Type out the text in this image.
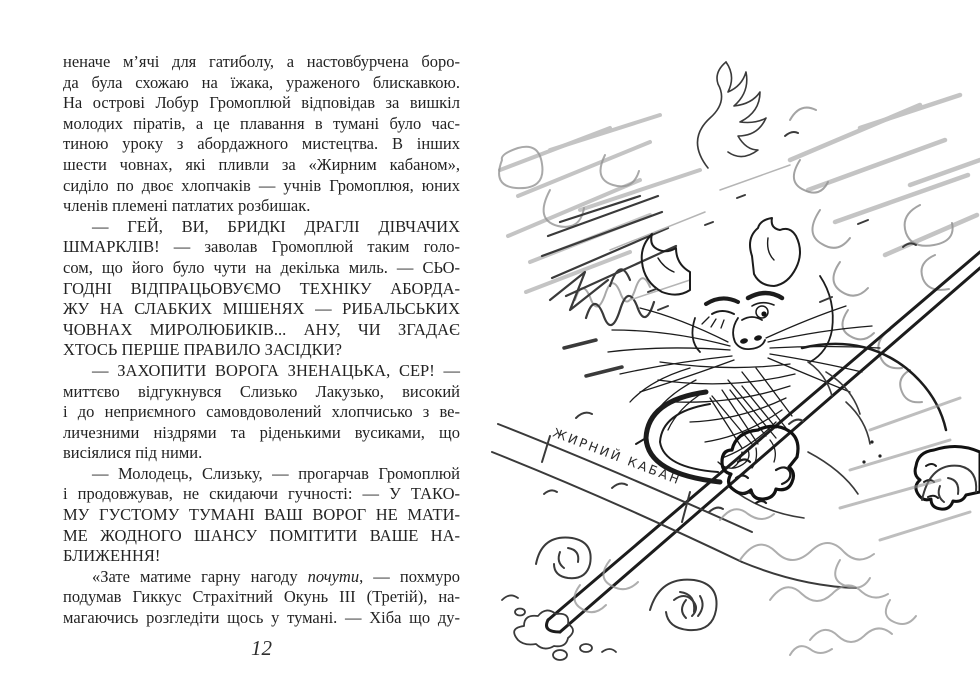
неначе м’ячі для гатиболу, а настовбурчена боро-
да була схожаю на їжака, ураженого блискавкою.
На острові Лобур Громоплюй відповідав за вишкіл
молодих піратів, а це плавання в тумані було час-
тиною уроку з абордажного мистецтва. В інших
шести човнах, які пливли за «Жирним кабаном»,
сиділо по двоє хлопчаків — учнів Громоплюя, юних
членів племені патлатих розбишак.
— ГЕЙ, ВИ, БРИДКІ ДРАГЛІ ДІВЧАЧИХ
ШМАРКЛІВ! — заволав Громоплюй таким голо-
сом, що його було чути на декілька миль. — СЬО-
ГОДНІ ВІДПРАЦЬОВУЄМО ТЕХНІКУ АБОРДА-
ЖУ НА СЛАБКИХ МІШЕНЯХ — РИБАЛЬСЬКИХ
ЧОВНАХ МИРОЛЮБИКІВ... АНУ, ЧИ ЗГАДАЄ
ХТОСЬ ПЕРШЕ ПРАВИЛО ЗАСІДКИ?
— ЗАХОПИТИ ВОРОГА ЗНЕНАЦЬКА, СЕР! —
миттєво відгукнувся Слизько Лакузько, високий
і до неприємного самовдоволений хлопчисько з ве-
личезними ніздрями та ріденькими вусиками, що
висіялися під ними.
— Молодець, Слизьку, — прогарчав Громоплюй
і продовжував, не скидаючи гучності: — У ТАКО-
МУ ГУСТОМУ ТУМАНІ ВАШ ВОРОГ НЕ МАТИ-
МЕ ЖОДНОГО ШАНСУ ПОМІТИТИ ВАШЕ НА-
БЛИЖЕННЯ!
«Зате матиме гарну нагоду почути, — похмуро
подумав Гиккус Страхітний Окунь ІІІ (Третій), на-
магаючись розгледіти щось у тумані. — Хіба що ду-
12
ЖИРНИЙ КАБАН
